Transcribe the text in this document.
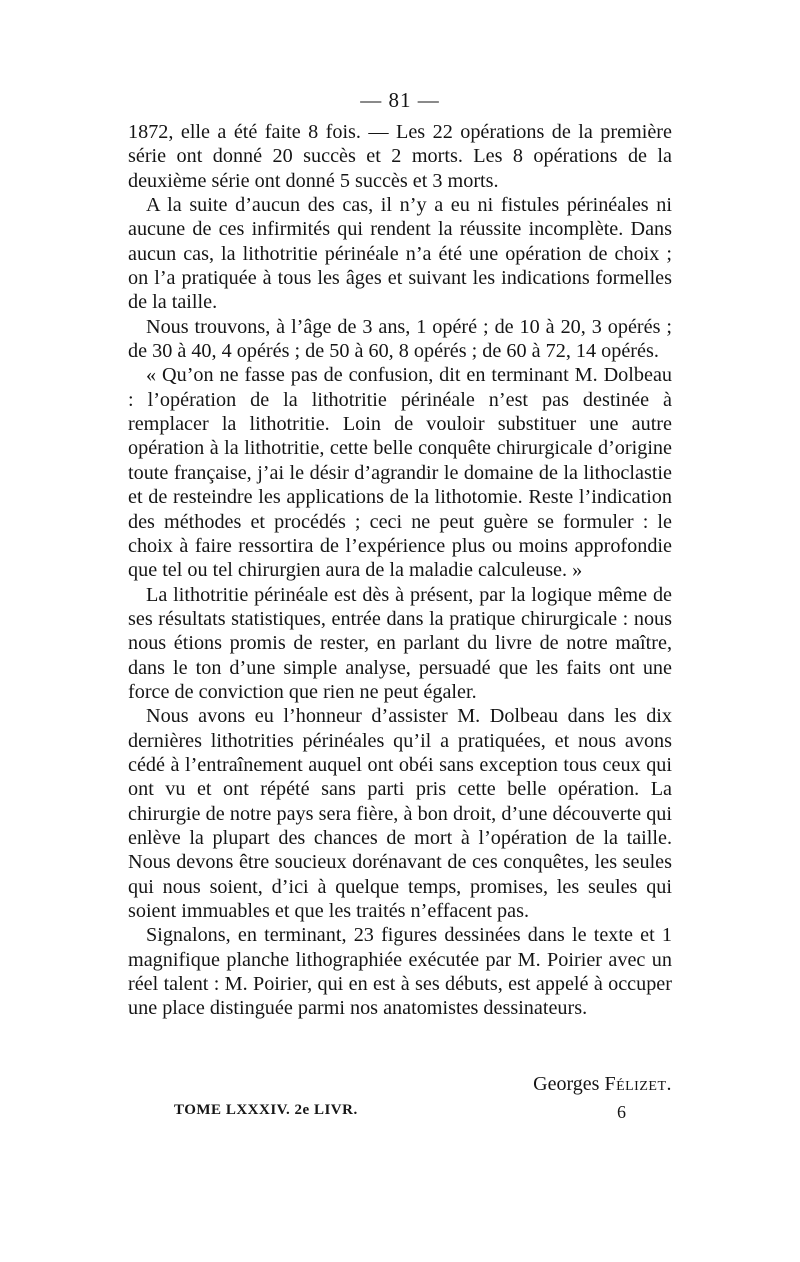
— 81 —

1872, elle a été faite 8 fois. — Les 22 opérations de la première série ont donné 20 succès et 2 morts. Les 8 opérations de la deuxième série ont donné 5 succès et 3 morts.

A la suite d’aucun des cas, il n’y a eu ni fistules périnéales ni aucune de ces infirmités qui rendent la réussite incomplète. Dans aucun cas, la lithotritie périnéale n’a été une opération de choix ; on l’a pratiquée à tous les âges et suivant les indications formelles de la taille.

Nous trouvons, à l’âge de 3 ans, 1 opéré ; de 10 à 20, 3 opérés ; de 30 à 40, 4 opérés ; de 50 à 60, 8 opérés ; de 60 à 72, 14 opérés.

« Qu’on ne fasse pas de confusion, dit en terminant M. Dolbeau : l’opération de la lithotritie périnéale n’est pas destinée à remplacer la lithotritie. Loin de vouloir substituer une autre opération à la lithotritie, cette belle conquête chirurgicale d’origine toute française, j’ai le désir d’agrandir le domaine de la lithoclastie et de resteindre les applications de la lithotomie. Reste l’indication des méthodes et procédés ; ceci ne peut guère se formuler : le choix à faire ressortira de l’expérience plus ou moins approfondie que tel ou tel chirurgien aura de la maladie calculeuse. »

La lithotritie périnéale est dès à présent, par la logique même de ses résultats statistiques, entrée dans la pratique chirurgicale : nous nous étions promis de rester, en parlant du livre de notre maître, dans le ton d’une simple analyse, persuadé que les faits ont une force de conviction que rien ne peut égaler.

Nous avons eu l’honneur d’assister M. Dolbeau dans les dix dernières lithotrities périnéales qu’il a pratiquées, et nous avons cédé à l’entraînement auquel ont obéi sans exception tous ceux qui ont vu et ont répété sans parti pris cette belle opération. La chirurgie de notre pays sera fière, à bon droit, d’une découverte qui enlève la plupart des chances de mort à l’opération de la taille. Nous devons être soucieux dorénavant de ces conquêtes, les seules qui nous soient, d’ici à quelque temps, promises, les seules qui soient immuables et que les traités n’effacent pas.

Signalons, en terminant, 23 figures dessinées dans le texte et 1 magnifique planche lithographiée exécutée par M. Poirier avec un réel talent : M. Poirier, qui en est à ses débuts, est appelé à occuper une place distinguée parmi nos anatomistes dessinateurs.

Georges Félizet.
TOME LXXXIV. 2e LIVR.	6
